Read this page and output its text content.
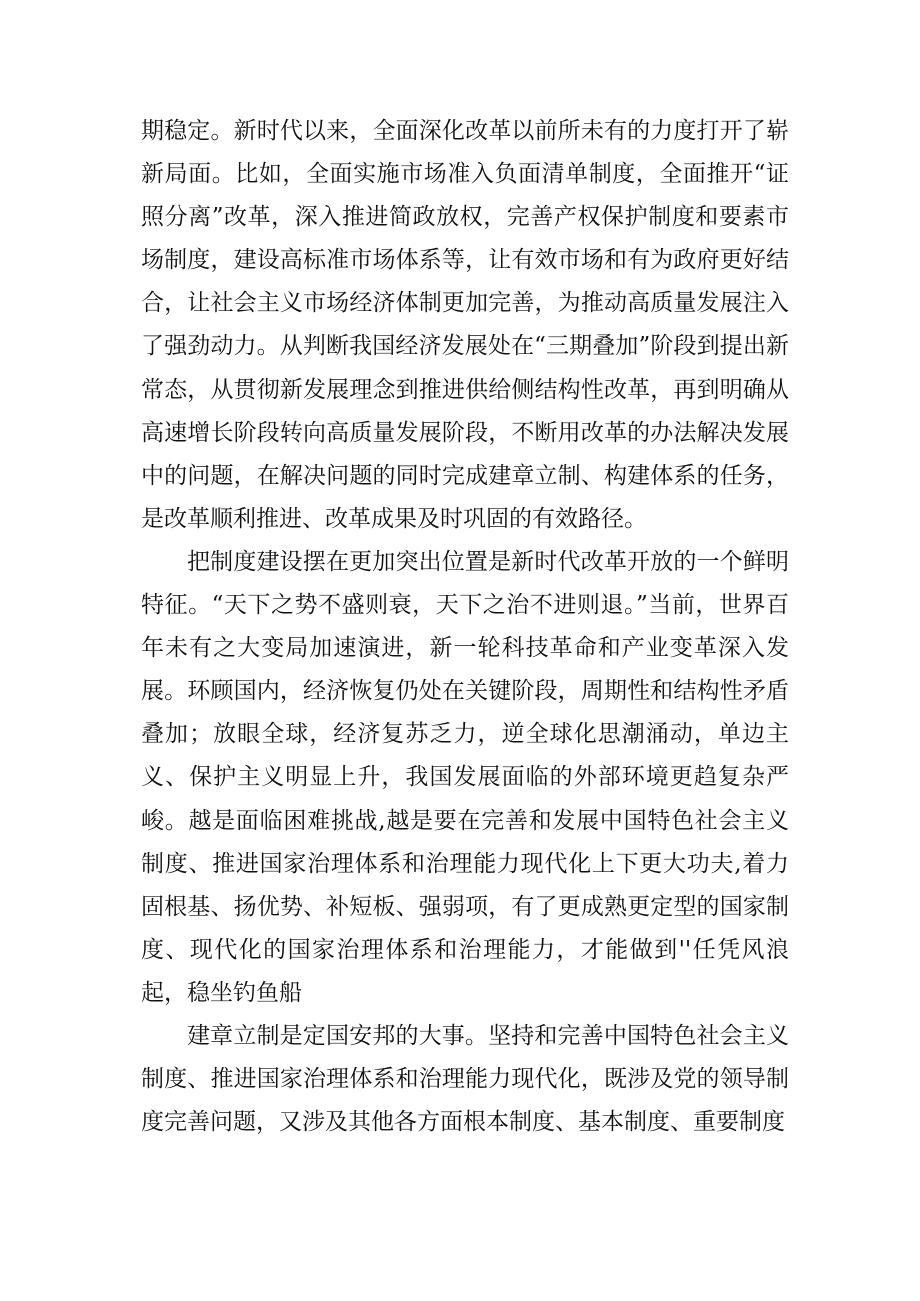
期稳定。新时代以来，全面深化改革以前所未有的力度打开了崭新局面。比如，全面实施市场准入负面清单制度，全面推开“证照分离”改革，深入推进简政放权，完善产权保护制度和要素市场制度，建设高标准市场体系等，让有效市场和有为政府更好结合，让社会主义市场经济体制更加完善，为推动高质量发展注入了强劲动力。从判断我国经济发展处在“三期叠加”阶段到提出新常态，从贯彻新发展理念到推进供给侧结构性改革，再到明确从高速增长阶段转向高质量发展阶段，不断用改革的办法解决发展中的问题，在解决问题的同时完成建章立制、构建体系的任务，是改革顺利推进、改革成果及时巩固的有效路径。

把制度建设摆在更加突出位置是新时代改革开放的一个鲜明特征。“天下之势不盛则衰，天下之治不进则退。”当前，世界百年未有之大变局加速演进，新一轮科技革命和产业变革深入发展。环顾国内，经济恢复仍处在关键阶段，周期性和结构性矛盾叠加；放眼全球，经济复苏乏力，逆全球化思潮涌动，单边主义、保护主义明显上升，我国发展面临的外部环境更趋复杂严峻。越是面临困难挑战,越是要在完善和发展中国特色社会主义制度、推进国家治理体系和治理能力现代化上下更大功夫,着力固根基、扬优势、补短板、强弱项，有了更成熟更定型的国家制度、现代化的国家治理体系和治理能力，才能做到''任凭风浪起，稳坐钓鱼船

建章立制是定国安邦的大事。坚持和完善中国特色社会主义制度、推进国家治理体系和治理能力现代化，既涉及党的领导制度完善问题，又涉及其他各方面根本制度、基本制度、重要制度
